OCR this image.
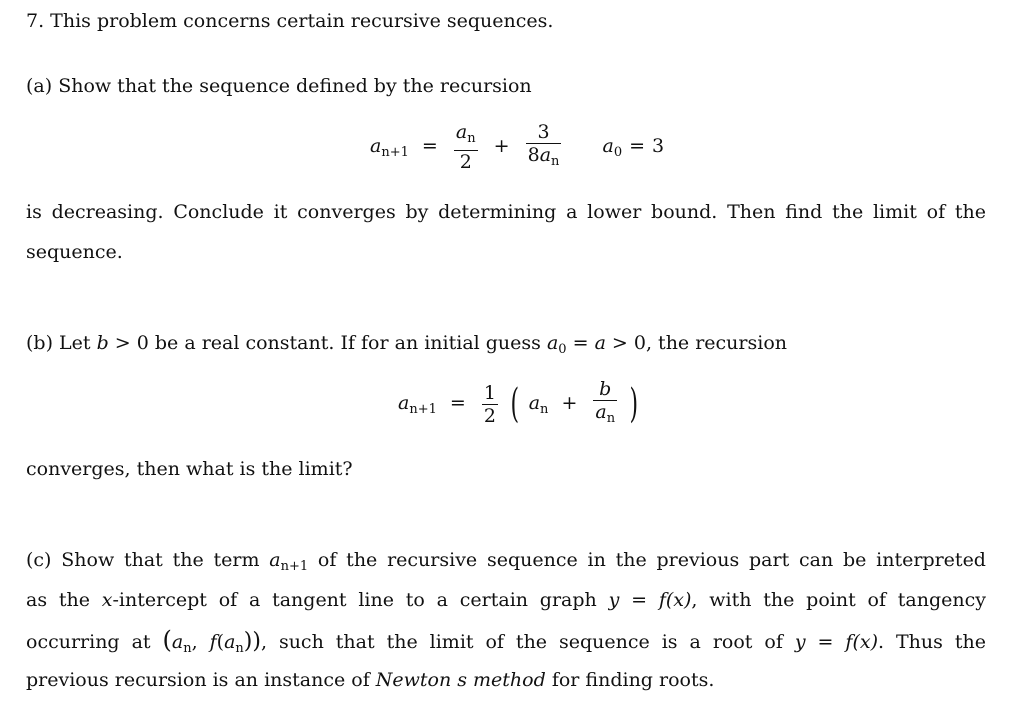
7. This problem concerns certain recursive sequences.
(a) Show that the sequence defined by the recursion
$a_{n+1} = \frac{a_n}{2} + \frac{3}{8a_n} a_0 = 3$
is decreasing. Conclude it converges by determining a lower bound. Then find the limit of the
sequence.
(b) Let b > 0 be a real constant. If for an initial guess $a_0 = a > 0$, the recursion
$a_{n+1} = \frac{1}{2}$ ( $a_n + \frac{b}{a_n}$ )
converges, then what is the limit?
(c) Show that the term $a_{n+1}$ of the recursive sequence in the previous part can be interpreted
as the x-intercept of a tangent line to a certain graph y = f(x), with the point of tangency
occurring at ($a_n$, $f(a_n)$), such that the limit of the sequence is a root of y = f(x). Thus the
previous recursion is an instance of Newton s method for finding roots.
